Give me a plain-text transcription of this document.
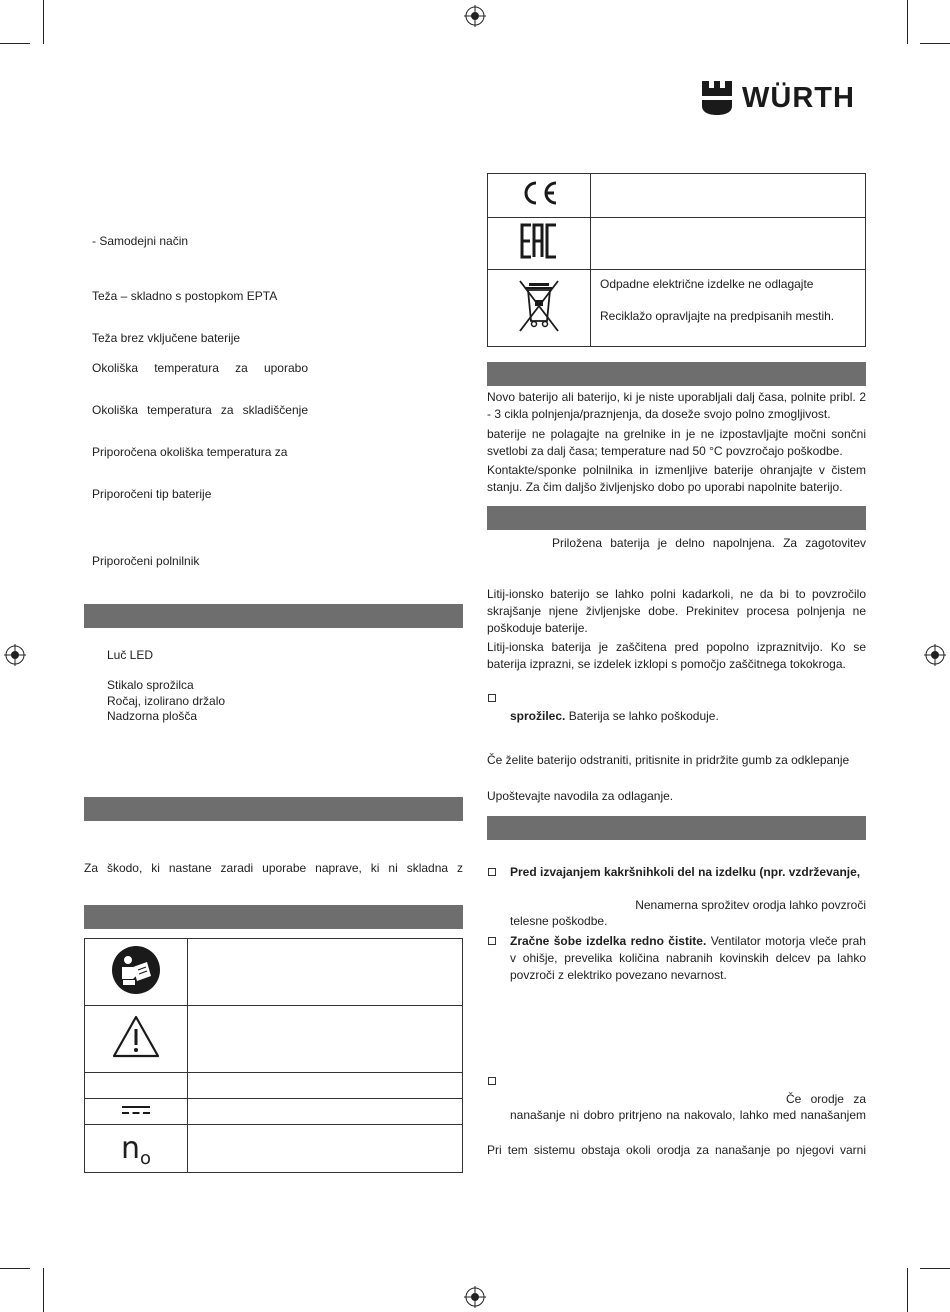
WÜRTH
- Samodejni način
Teža – skladno s postopkom EPTA
Teža brez vključene baterije
Okoliška temperatura za uporabo
Okoliška temperatura za skladiščenje
Priporočena okoliška temperatura za
Priporočeni tip baterije
Priporočeni polnilnik
Luč LED
Stikalo sprožilca
Ročaj, izolirano držalo
Nadzorna plošča
Za škodo, ki nastane zaradi uporabe naprave, ki ni skladna z

no	

Odpadne električne izdelke ne odlagajte
Reciklažo opravljajte na predpisanih mestih.

Novo baterijo ali baterijo, ki je niste uporabljali dalj časa, polnite pribl. 2 - 3 cikla polnjenja/praznjenja, da doseže svojo polno zmogljivost.

baterije ne polagajte na grelnike in je ne izpostavljajte močni sončni svetlobi za dalj časa; temperature nad 50 °C povzročajo poškodbe.

Kontakte/sponke polnilnika in izmenljive baterije ohranjajte v čistem stanju. Za čim daljšo življenjsko dobo po uporabi napolnite baterijo.

Priložena baterija je delno napolnjena. Za zagotovitev

Litij-ionsko baterijo se lahko polni kadarkoli, ne da bi to povzročilo skrajšanje njene življenjske dobe. Prekinitev procesa polnjenja ne poškoduje baterije.

Litij-ionska baterija je zaščitena pred popolno izpraznitvijo. Ko se baterija izprazni, se izdelek izklopi s pomočjo zaščitnega tokokroga.

sprožilec. Baterija se lahko poškoduje.
Če želite baterijo odstraniti, pritisnite in pridržite gumb za odklepanje
Upoštevajte navodila za odlaganje.
Pred izvajanjem kakršnihkoli del na izdelku (npr. vzdrževanje,
Nenamerna sprožitev orodja lahko povzroči
telesne poškodbe.

Zračne šobe izdelka redno čistite. Ventilator motorja vleče prah v ohišje, prevelika količina nabranih kovinskih delcev pa lahko povzroči z elektriko povezano nevarnost.

Če orodje za
nanašanje ni dobro pritrjeno na nakovalo, lahko med nanašanjem
Pri tem sistemu obstaja okoli orodja za nanašanje po njegovi varni
